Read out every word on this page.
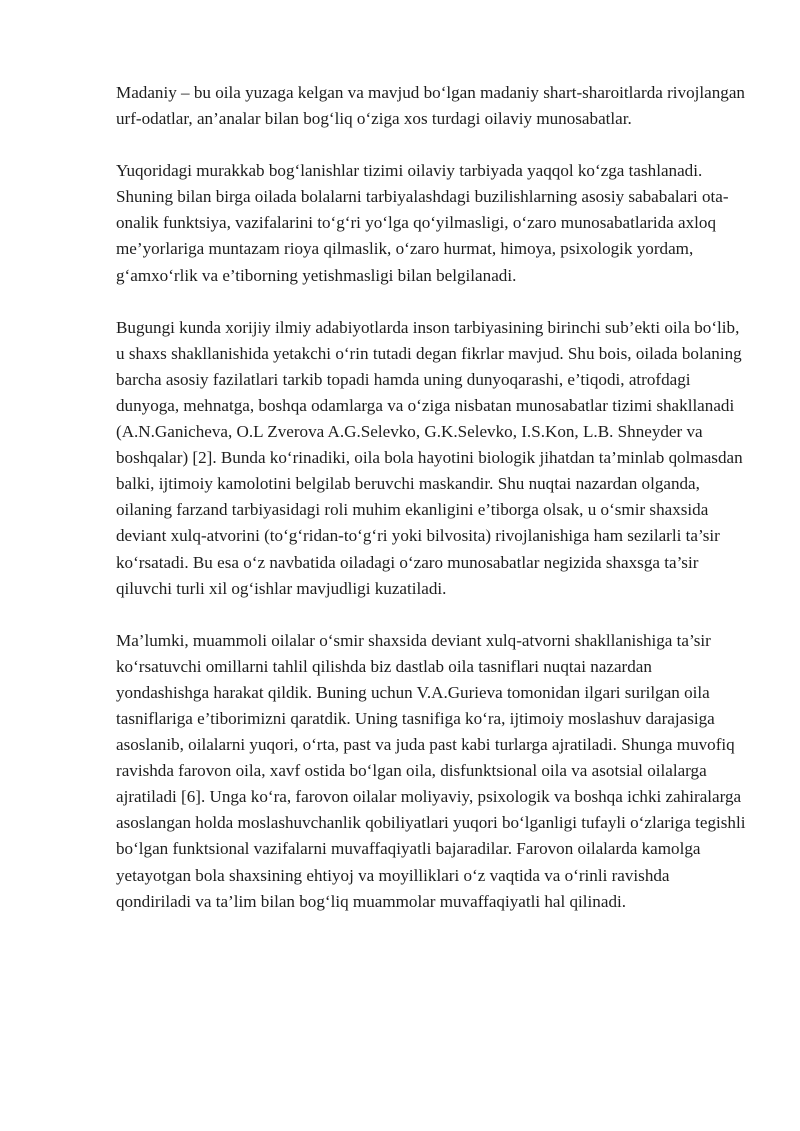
Madaniy – bu oila yuzaga kelgan va mavjud bo‘lgan madaniy shart-sharoitlarda rivojlangan urf-odatlar, an’analar bilan bog‘liq o‘ziga xos turdagi oilaviy munosabatlar.

Yuqoridagi murakkab bog‘lanishlar tizimi oilaviy tarbiyada yaqqol ko‘zga tashlanadi. Shuning bilan birga oilada bolalarni tarbiyalashdagi buzilishlarning asosiy sababalari ota-onalik funktsiya, vazifalarini to‘g‘ri yo‘lga qo‘yilmasligi, o‘zaro munosabatlarida axloq me’yorlariga muntazam rioya qilmaslik, o‘zaro hurmat, himoya, psixologik yordam, g‘amxo‘rlik va e’tiborning yetishmasligi bilan belgilanadi.

Bugungi kunda xorijiy ilmiy adabiyotlarda inson tarbiyasining birinchi sub’ekti oila bo‘lib, u shaxs shakllanishida yetakchi o‘rin tutadi degan fikrlar mavjud. Shu bois, oilada bolaning barcha asosiy fazilatlari tarkib topadi hamda uning dunyoqarashi, e’tiqodi, atrofdagi dunyoga, mehnatga, boshqa odamlarga va o‘ziga nisbatan munosabatlar tizimi shakllanadi (A.N.Ganicheva, O.L Zverova A.G.Selevko, G.K.Selevko, I.S.Kon, L.B. Shneyder va boshqalar) [2]. Bunda ko‘rinadiki, oila bola hayotini biologik jihatdan ta’minlab qolmasdan balki, ijtimoiy kamolotini belgilab beruvchi maskandir. Shu nuqtai nazardan olganda, oilaning farzand tarbiyasidagi roli muhim ekanligini e’tiborga olsak, u o‘smir shaxsida deviant xulq-atvorini (to‘g‘ridan-to‘g‘ri yoki bilvosita) rivojlanishiga ham sezilarli ta’sir ko‘rsatadi. Bu esa o‘z navbatida oiladagi o‘zaro munosabatlar negizida shaxsga ta’sir qiluvchi turli xil og‘ishlar mavjudligi kuzatiladi.

Ma’lumki, muammoli oilalar o‘smir shaxsida deviant xulq-atvorni shakllanishiga ta’sir ko‘rsatuvchi omillarni tahlil qilishda biz dastlab oila tasniflari nuqtai nazardan yondashishga harakat qildik. Buning uchun V.A.Gurieva tomonidan ilgari surilgan oila tasniflariga e’tiborimizni qaratdik. Uning tasnifiga ko‘ra, ijtimoiy moslashuv darajasiga asoslanib, oilalarni yuqori, o‘rta, past va juda past kabi turlarga ajratiladi. Shunga muvofiq ravishda farovon oila, xavf ostida bo‘lgan oila, disfunktsional oila va asotsial oilalarga ajratiladi [6]. Unga ko‘ra, farovon oilalar moliyaviy, psixologik va boshqa ichki zahiralarga asoslangan holda moslashuvchanlik qobiliyatlari yuqori bo‘lganligi tufayli o‘zlariga tegishli bo‘lgan funktsional vazifalarni muvaffaqiyatli bajaradilar. Farovon oilalarda kamolga yetayotgan bola shaxsining ehtiyoj va moyilliklari o‘z vaqtida va o‘rinli ravishda qondiriladi va ta’lim bilan bog‘liq muammolar muvaffaqiyatli hal qilinadi.
